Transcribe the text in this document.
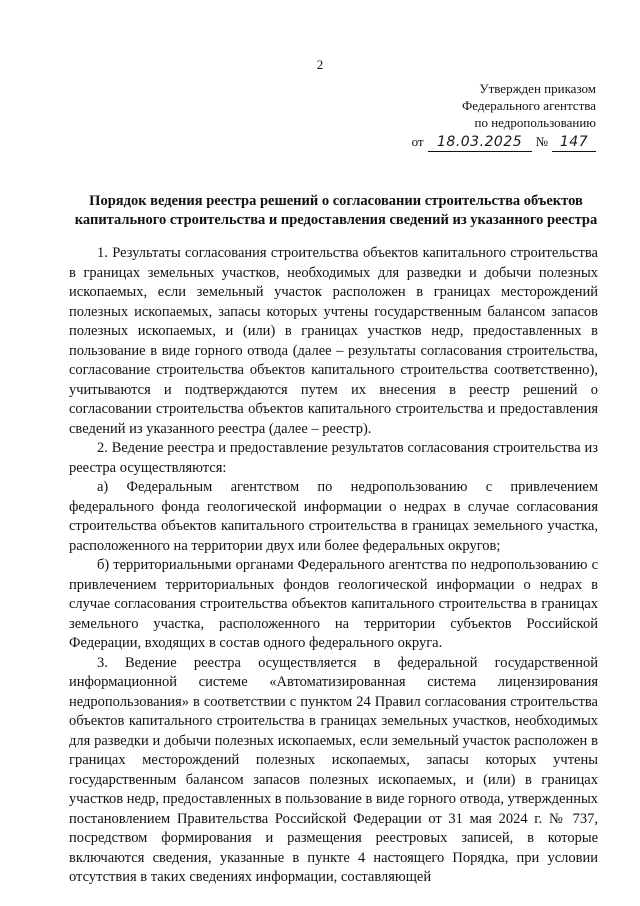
2
Утвержден приказом
Федерального агентства
по недропользованию
от 18.03.2025	№ 147
Порядок ведения реестра решений о согласовании строительства объектов капитального строительства и предоставления сведений из указанного реестра

1. Результаты согласования строительства объектов капитального строительства в границах земельных участков, необходимых для разведки и добычи полезных ископаемых, если земельный участок расположен в границах месторождений полезных ископаемых, запасы которых учтены государственным балансом запасов полезных ископаемых, и (или) в границах участков недр, предоставленных в пользование в виде горного отвода (далее – результаты согласования строительства, согласование строительства объектов капитального строительства соответственно), учитываются и подтверждаются путем их внесения в реестр решений о согласовании строительства объектов капитального строительства и предоставления сведений из указанного реестра (далее – реестр).

2. Ведение реестра и предоставление результатов согласования строительства из реестра осуществляются:

а) Федеральным агентством по недропользованию с привлечением федерального фонда геологической информации о недрах в случае согласования строительства объектов капитального строительства в границах земельного участка, расположенного на территории двух или более федеральных округов;

б) территориальными органами Федерального агентства по недропользованию с привлечением территориальных фондов геологической информации о недрах в случае согласования строительства объектов капитального строительства в границах земельного участка, расположенного на территории субъектов Российской Федерации, входящих в состав одного федерального округа.

3. Ведение реестра осуществляется в федеральной государственной информационной системе «Автоматизированная система лицензирования недропользования» в соответствии с пунктом 24 Правил согласования строительства объектов капитального строительства в границах земельных участков, необходимых для разведки и добычи полезных ископаемых, если земельный участок расположен в границах месторождений полезных ископаемых, запасы которых учтены государственным балансом запасов полезных ископаемых, и (или) в границах участков недр, предоставленных в пользование в виде горного отвода, утвержденных постановлением Правительства Российской Федерации от 31 мая 2024 г. № 737, посредством формирования и размещения реестровых записей, в которые включаются сведения, указанные в пункте 4 настоящего Порядка, при условии отсутствия в таких сведениях информации, составляющей
